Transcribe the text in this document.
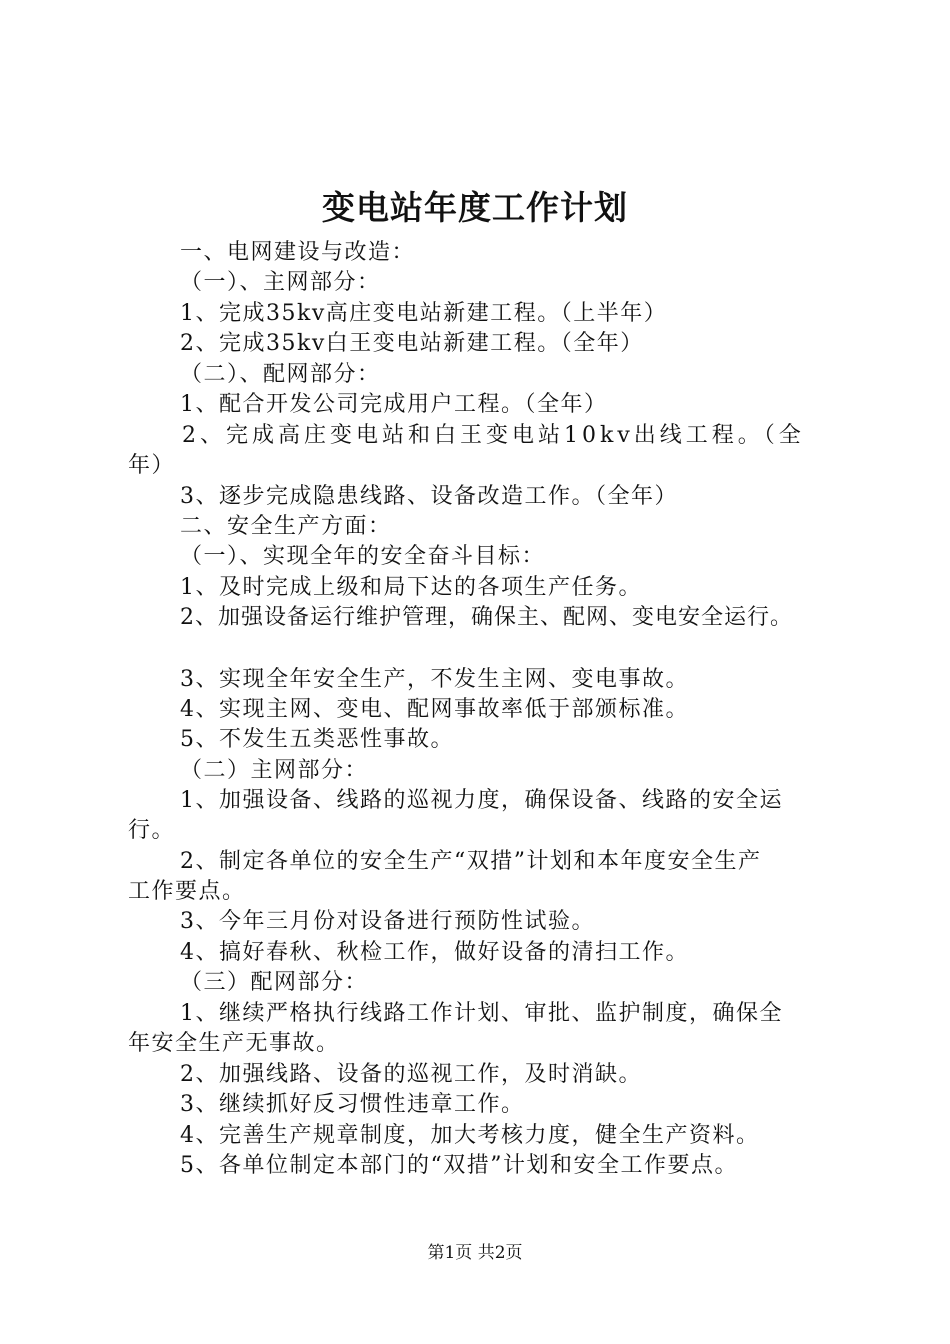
变电站年度工作计划
一、电网建设与改造：
（一）、主网部分：
1、完成35kv高庄变电站新建工程。（上半年）
2、完成35kv白王变电站新建工程。（全年）
（二）、配网部分：
1、配合开发公司完成用户工程。（全年）
2、完成高庄变电站和白王变电站10kv出线工程。（全
年）
3、逐步完成隐患线路、设备改造工作。（全年）
二、安全生产方面：
（一）、实现全年的安全奋斗目标：
1、及时完成上级和局下达的各项生产任务。
2、加强设备运行维护管理，确保主、配网、变电安全运行。
3、实现全年安全生产，不发生主网、变电事故。
4、实现主网、变电、配网事故率低于部颁标准。
5、不发生五类恶性事故。
（二）主网部分：
1、加强设备、线路的巡视力度，确保设备、线路的安全运
行。
2、制定各单位的安全生产“双措”计划和本年度安全生产
工作要点。
3、今年三月份对设备进行预防性试验。
4、搞好春秋、秋检工作，做好设备的清扫工作。
（三）配网部分：
1、继续严格执行线路工作计划、审批、监护制度，确保全
年安全生产无事故。
2、加强线路、设备的巡视工作，及时消缺。
3、继续抓好反习惯性违章工作。
4、完善生产规章制度，加大考核力度，健全生产资料。
5、各单位制定本部门的“双措”计划和安全工作要点。
第1页 共2页
